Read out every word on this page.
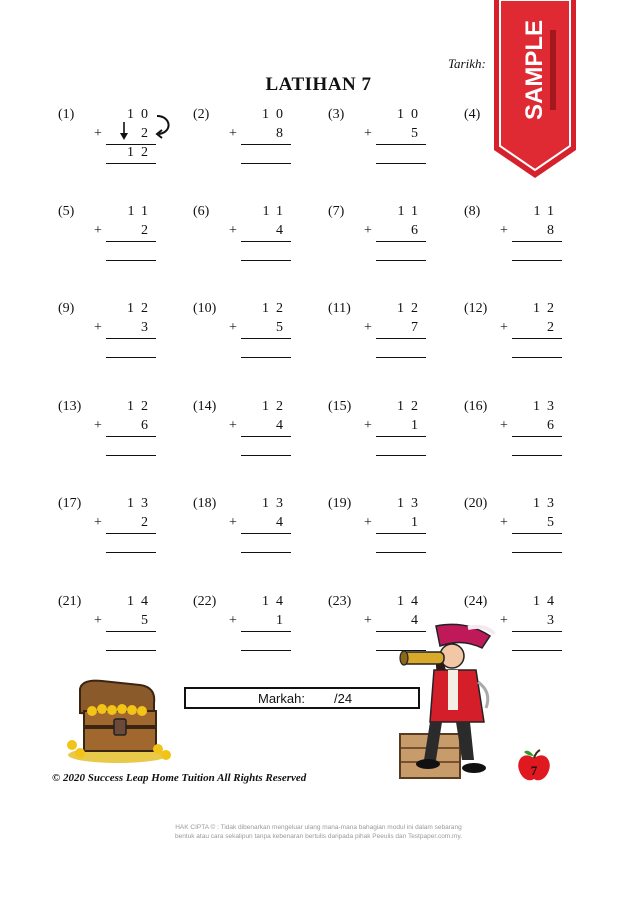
Tarikh:
LATIHAN 7
(1)	10
+	2
12
(2)	10
+	8
(3)	10
+	5
(4)
(5)	11
+	2
(6)	11
+	4
(7)	11
+	6
(8)	11
+	8
(9)	12
+	3
(10)	12
+	5
(11)	12
+	7
(12)	12
+	2
(13)	12
+	6
(14)	12
+	4
(15)	12
+	1
(16)	13
+	6
(17)	13
+	2
(18)	13
+	4
(19)	13
+	1
(20)	13
+	5
(21)	14
+	5
(22)	14
+	1
(23)	14
+	4
(24)	14
+	3
Markah: /24
7
© 2020 Success Leap Home Tuition All Rights Reserved
HAK CIPTA © : Tidak dibenarkan mengeluar ulang mana-mana bahagian modul ini dalam sebarang
bentuk atau cara sekalipun tanpa kebenaran bertulis daripada pihak Peeulis dan Testpaper.com.my.
SAMPLE
